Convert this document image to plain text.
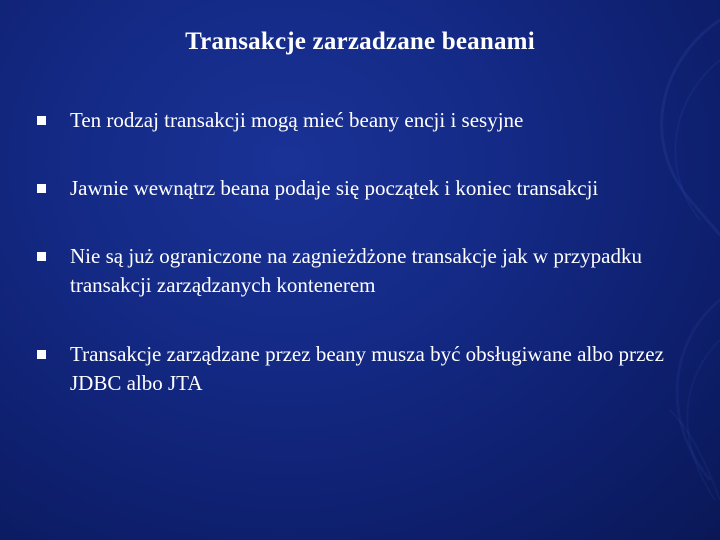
Transakcje zarzadzane beanami
Ten rodzaj transakcji mogą mieć beany encji i sesyjne
Jawnie wewnątrz beana podaje się początek i koniec transakcji
Nie są już ograniczone na zagnieżdżone transakcje jak w przypadku transakcji zarządzanych kontenerem
Transakcje zarządzane przez beany musza być obsługiwane albo przez JDBC albo JTA
